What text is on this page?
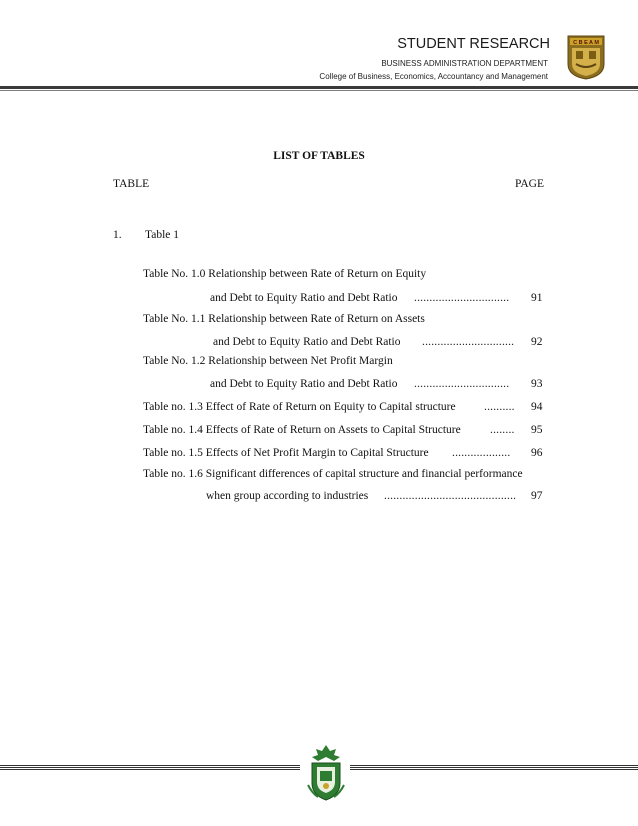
STUDENT RESEARCH
BUSINESS ADMINISTRATION DEPARTMENT
College of Business, Economics, Accountancy and Management
C B E A M
LIST OF TABLES
TABLE	PAGE
1. Table 1
Table No. 1.0 Relationship between Rate of Return on Equity
and Debt to Equity Ratio and Debt Ratio ...............................	91
Table No. 1.1 Relationship between Rate of Return on Assets
and Debt to Equity Ratio and Debt Ratio ..............................	92
Table No. 1.2 Relationship between Net Profit Margin
and Debt to Equity Ratio and Debt Ratio ...............................	93
Table no. 1.3 Effect of Rate of Return on Equity to Capital structure ..........	94
Table no. 1.4 Effects of Rate of Return on Assets to Capital Structure	........	95
Table no. 1.5 Effects of Net Profit Margin to Capital Structure ...................	96
Table no. 1.6 Significant differences of capital structure and financial performance
when group according to industries ...........................................	97
